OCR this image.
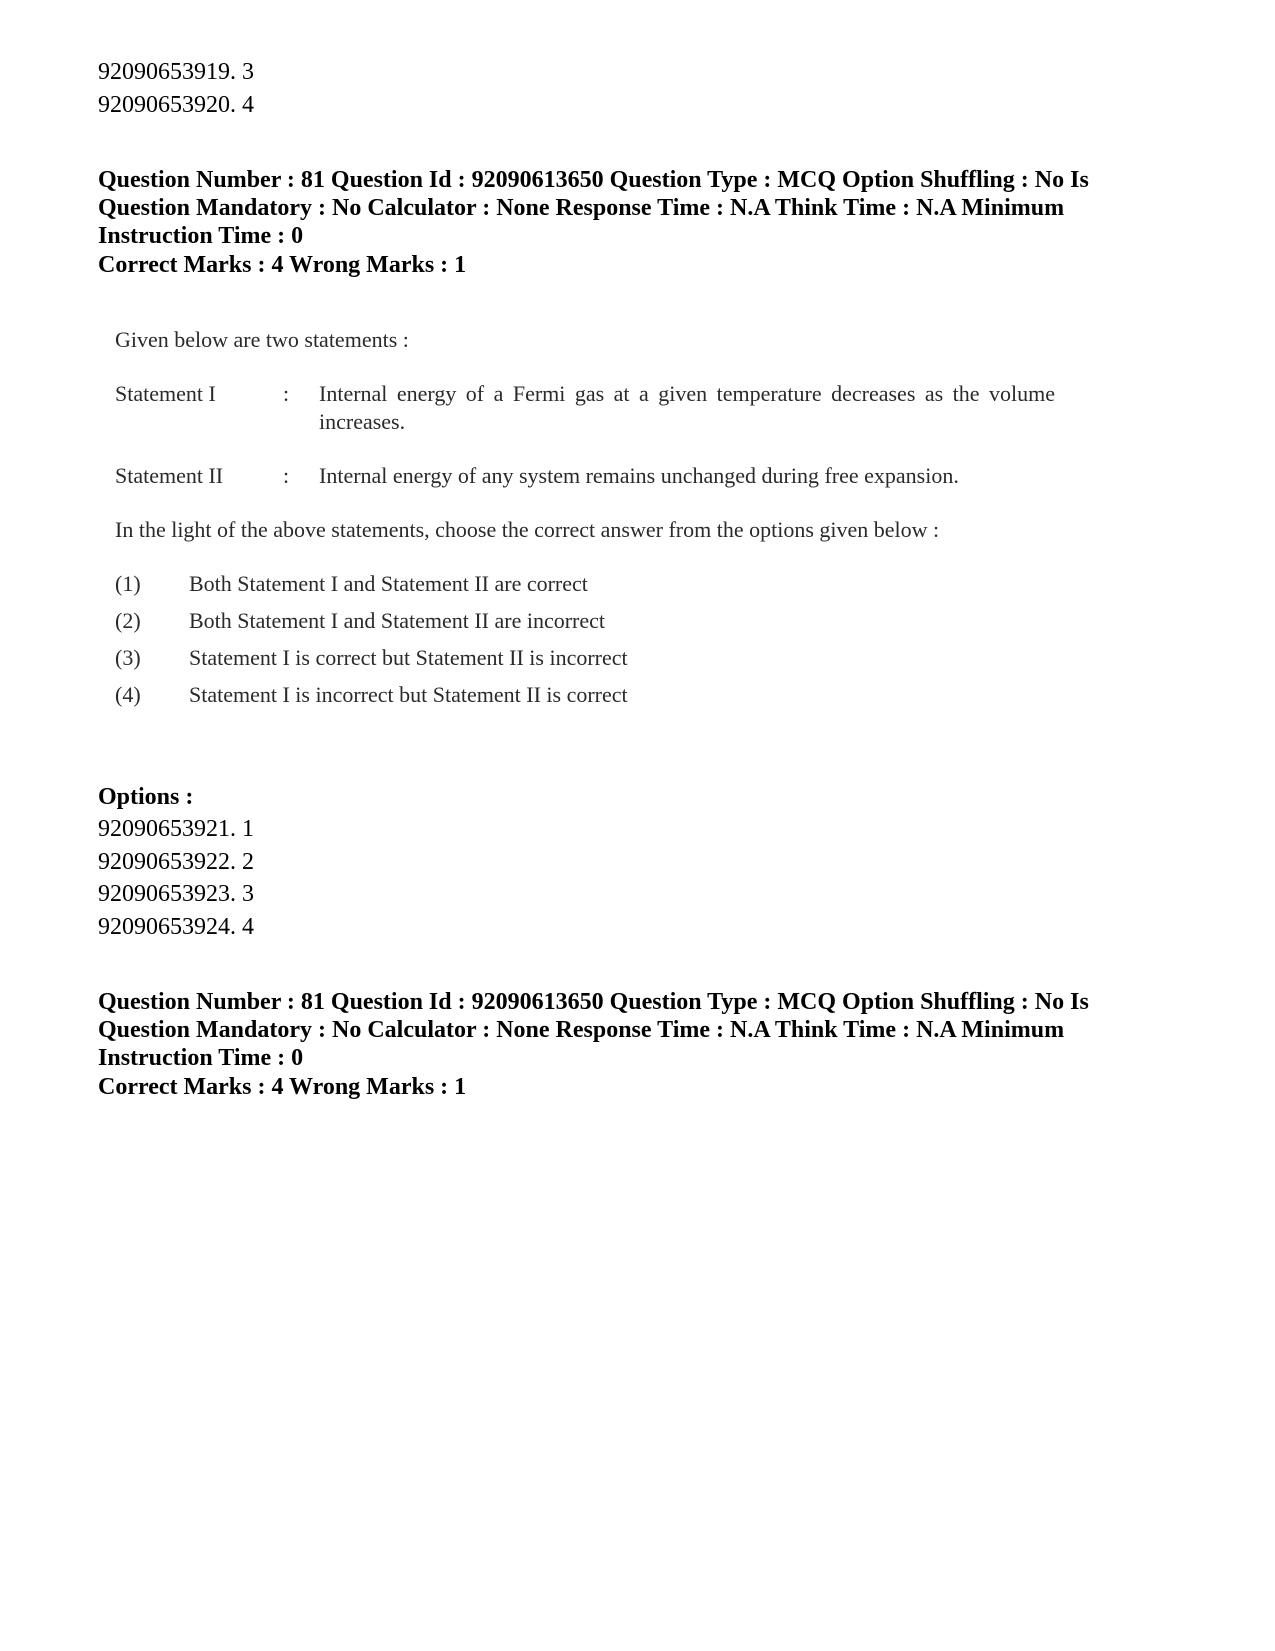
92090653919. 3
92090653920. 4
Question Number : 81 Question Id : 92090613650 Question Type : MCQ Option Shuffling : No Is Question Mandatory : No Calculator : None Response Time : N.A Think Time : N.A Minimum Instruction Time : 0
Correct Marks : 4 Wrong Marks : 1

Given below are two statements :

Statement I	:	Internal energy of a Fermi gas at a given temperature decreases as the volume increases.
Statement II	:	Internal energy of any system remains unchanged during free expansion.
In the light of the above statements, choose the correct answer from the options given below :
(1)	Both Statement I and Statement II are correct
(2)	Both Statement I and Statement II are incorrect
(3)	Statement I is correct but Statement II is incorrect
(4)	Statement I is incorrect but Statement II is correct
Options :
92090653921. 1
92090653922. 2
92090653923. 3
92090653924. 4
Question Number : 81 Question Id : 92090613650 Question Type : MCQ Option Shuffling : No Is Question Mandatory : No Calculator : None Response Time : N.A Think Time : N.A Minimum Instruction Time : 0
Correct Marks : 4 Wrong Marks : 1
